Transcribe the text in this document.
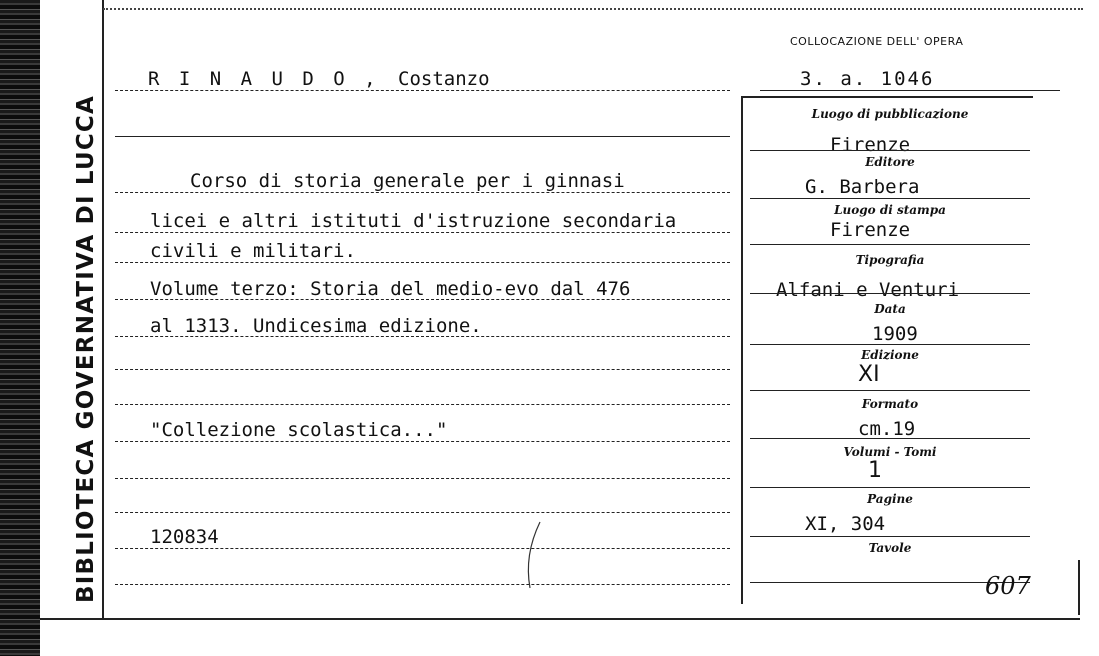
BIBLIOTECA GOVERNATIVA DI LUCCA
COLLOCAZIONE DELL' OPERA
R I N A U D O , Costanzo	3. a. 1046
Corso di storia generale per i ginnasi
licei e altri istituti d'istruzione secondaria
civili e militari.
Volume terzo: Storia del medio-evo dal 476
al 1313. Undicesima edizione.
"Collezione scolastica..."
120834
Luogo di pubblicazione
Firenze
Editore
G. Barbera
Luogo di stampa
Firenze
Tipografia
Alfani e Venturi
Data
1909
Edizione
XI
Formato
cm.19
Volumi - Tomi
1
Pagine
XI, 304
Tavole
607
